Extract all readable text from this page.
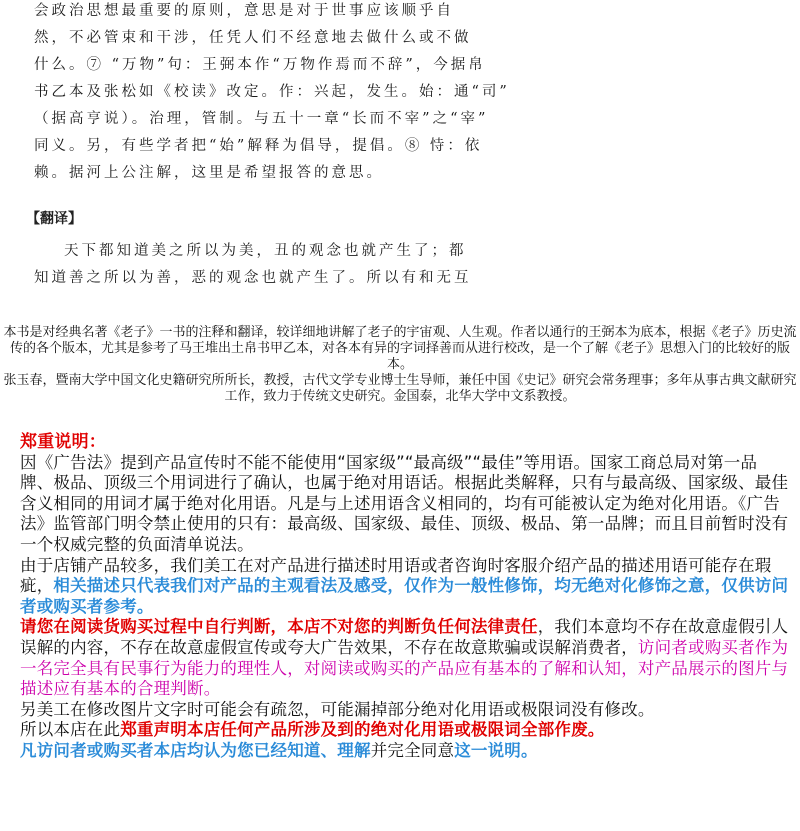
会政治思想最重要的原则，意思是对于世事应该顺乎自
然，不必管束和干涉，任凭人们不经意地去做什么或不做
什么。⑦ “万物”句：王弼本作“万物作焉而不辞”，今据帛
书乙本及张松如《校读》改定。作：兴起，发生。始：通“司”
（据高亨说）。治理，管制。与五十一章“长而不宰”之“宰”
同义。另，有些学者把“始”解释为倡导，提倡。⑧ 恃：依
赖。据河上公注解，这里是希望报答的意思。
【翻译】
天下都知道美之所以为美，丑的观念也就产生了；都
知道善之所以为善，恶的观念也就产生了。所以有和无互

本书是对经典名著《老子》一书的注释和翻译，较详细地讲解了老子的宇宙观、人生观。作者以通行的王弼本为底本，根据《老子》历史流传的各个版本，尤其是参考了马王堆出土帛书甲乙本，对各本有异的字词择善而从进行校改，是一个了解《老子》思想入门的比较好的版本。

张玉春，暨南大学中国文化史籍研究所所长，教授，古代文学专业博士生导师，兼任中国《史记》研究会常务理事；多年从事古典文献研究工作，致力于传统文史研究。金国泰，北华大学中文系教授。

郑重说明：

因《广告法》提到产品宣传时不能不能使用“国家级”“最高级”“最佳”等用语。国家工商总局对第一品牌、极品、顶级三个用词进行了确认，也属于绝对用语话。根据此类解释，只有与最高级、国家级、最佳含义相同的用词才属于绝对化用语。凡是与上述用语含义相同的，均有可能被认定为绝对化用语。《广告法》监管部门明令禁止使用的只有：最高级、国家级、最佳、顶级、极品、第一品牌；而且目前暂时没有一个权威完整的负面清单说法。

由于店铺产品较多，我们美工在对产品进行描述时用语或者咨询时客服介绍产品的描述用语可能存在瑕疵，相关描述只代表我们对产品的主观看法及感受，仅作为一般性修饰，均无绝对化修饰之意，仅供访问者或购买者参考。

请您在阅读货购买过程中自行判断，本店不对您的判断负任何法律责任，我们本意均不存在故意虚假引人误解的内容，不存在故意虚假宣传或夸大广告效果，不存在故意欺骗或误解消费者，访问者或购买者作为一名完全具有民事行为能力的理性人，对阅读或购买的产品应有基本的了解和认知，对产品展示的图片与描述应有基本的合理判断。

另美工在修改图片文字时可能会有疏忽，可能漏掉部分绝对化用语或极限词没有修改。

所以本店在此郑重声明本店任何产品所涉及到的绝对化用语或极限词全部作废。

凡访问者或购买者本店均认为您已经知道、理解并完全同意这一说明。
